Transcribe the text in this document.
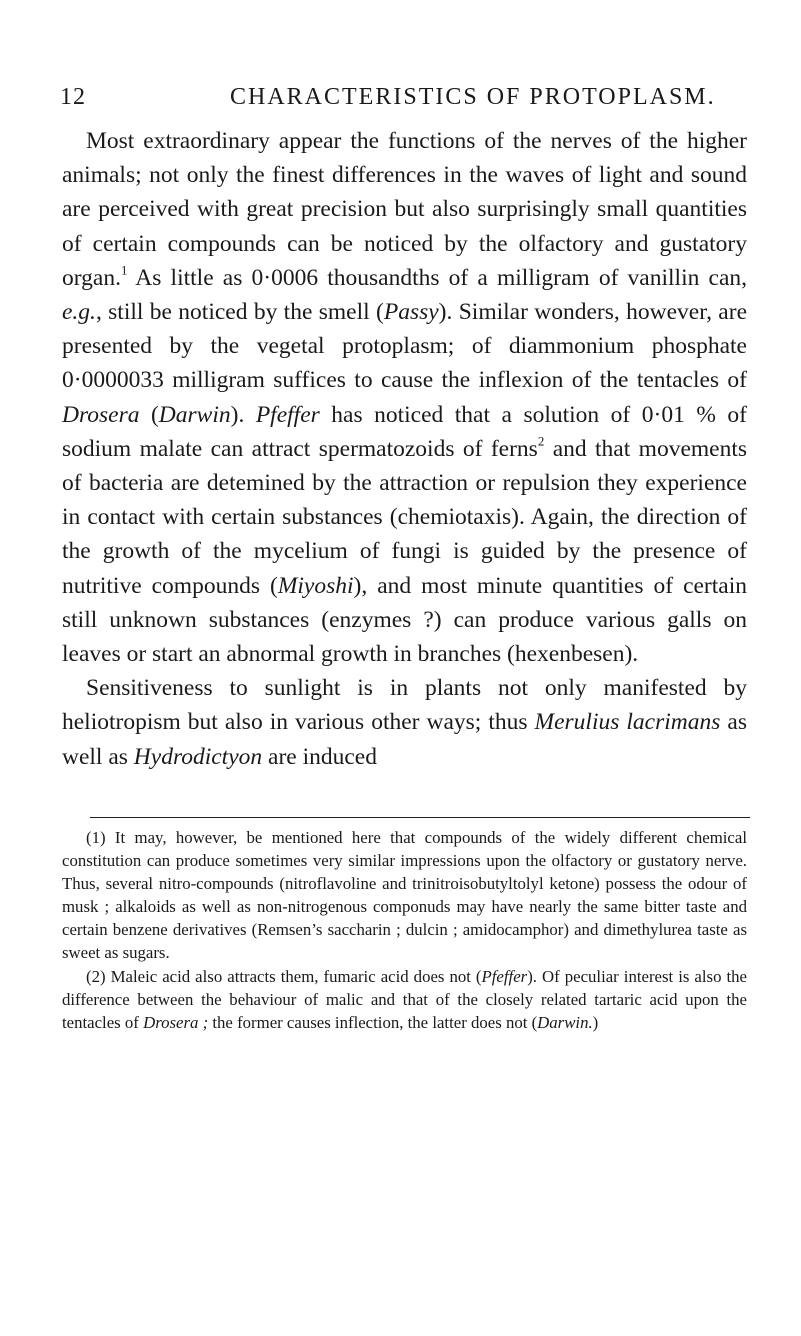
12	CHARACTERISTICS OF PROTOPLASM.

Most extraordinary appear the functions of the nerves of the higher animals; not only the finest differences in the waves of light and sound are perceived with great precision but also surprisingly small quantities of certain compounds can be noticed by the olfactory and gustatory organ.$^1$ As little as 0·0006 thousandths of a milligram of vanillin can, e.g., still be noticed by the smell (Passy). Similar wonders, however, are presented by the vegetal protoplasm; of diammonium phosphate 0·0000033 milligram suffices to cause the inflexion of the tentacles of Drosera (Darwin). Pfeffer has noticed that a solution of 0·01 % of sodium malate can attract spermatozoids of ferns$^2$ and that movements of bacteria are detemined by the attraction or repulsion they experience in contact with certain substances (chemiotaxis). Again, the direction of the growth of the mycelium of fungi is guided by the presence of nutritive compounds (Miyoshi), and most minute quantities of certain still unknown substances (enzymes ?) can produce various galls on leaves or start an abnormal growth in branches (hexenbesen).

Sensitiveness to sunlight is in plants not only manifested by heliotropism but also in various other ways; thus Merulius lacrimans as well as Hydrodictyon are induced

(1) It may, however, be mentioned here that compounds of the widely different chemical constitution can produce sometimes very similar impressions upon the olfactory or gustatory nerve. Thus, several nitro-compounds (nitroflavoline and trinitroisobutyltolyl ketone) possess the odour of musk ; alkaloids as well as non-nitrogenous componuds may have nearly the same bitter taste and certain benzene derivatives (Remsen’s saccharin ; dulcin ; amidocamphor) and dimethylurea taste as sweet as sugars.

(2) Maleic acid also attracts them, fumaric acid does not (Pfeffer). Of peculiar interest is also the difference between the behaviour of malic and that of the closely related tartaric acid upon the tentacles of Drosera ; the former causes inflection, the latter does not (Darwin.)
